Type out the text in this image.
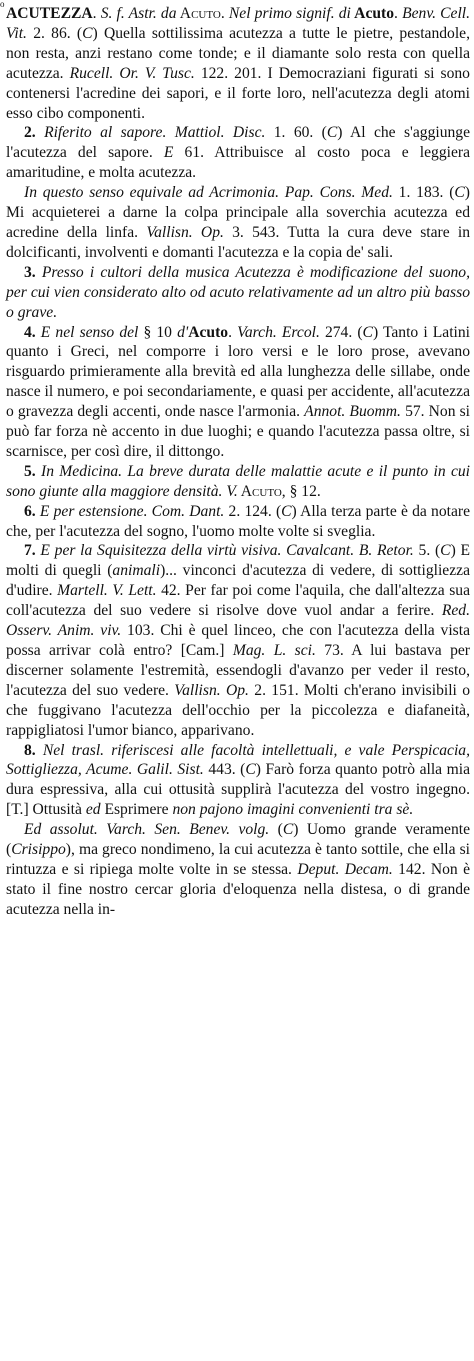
o

ACUTEZZA. S. f. Astr. da Acuto. Nel primo signif. di Acuto. Benv. Cell. Vit. 2. 86. (C) Quella sottilissima acutezza a tutte le pietre, pestandole, non resta, anzi restano come tonde; e il diamante solo resta con quella acutezza. Rucell. Or. V. Tusc. 122. 201. I Democraziani figurati si sono contenersi l'acredine dei sapori, e il forte loro, nell'acutezza degli atomi esso cibo componenti.

2. Riferito al sapore. Mattiol. Disc. 1. 60. (C) Al che s'aggiunge l'acutezza del sapore. E 61. Attribuisce al costo poca e leggiera amaritudine, e molta acutezza.

In questo senso equivale ad Acrimonia. Pap. Cons. Med. 1. 183. (C) Mi acquieterei a darne la colpa principale alla soverchia acutezza ed acredine della linfa. Vallisn. Op. 3. 543. Tutta la cura deve stare in dolcificanti, involventi e domanti l'acutezza e la copia de' sali.

3. Presso i cultori della musica Acutezza è modificazione del suono, per cui vien considerato alto od acuto relativamente ad un altro più basso o grave.

4. E nel senso del § 10 d'Acuto. Varch. Ercol. 274. (C) Tanto i Latini quanto i Greci, nel comporre i loro versi e le loro prose, avevano risguardo primieramente alla brevità ed alla lunghezza delle sillabe, onde nasce il numero, e poi secondariamente, e quasi per accidente, all'acutezza o gravezza degli accenti, onde nasce l'armonia. Annot. Buomm. 57. Non si può far forza nè accento in due luoghi; e quando l'acutezza passa oltre, si scarnisce, per così dire, il dittongo.

5. In Medicina. La breve durata delle malattie acute e il punto in cui sono giunte alla maggiore densità. V. Acuto, § 12.

6. E per estensione. Com. Dant. 2. 124. (C) Alla terza parte è da notare che, per l'acutezza del sogno, l'uomo molte volte si sveglia.

7. E per la Squisitezza della virtù visiva. Cavalcant. B. Retor. 5. (C) E molti di quegli (animali)... vinconci d'acutezza di vedere, di sottigliezza d'udire. Martell. V. Lett. 42. Per far poi come l'aquila, che dall'altezza sua coll'acutezza del suo vedere si risolve dove vuol andar a ferire. Red. Osserv. Anim. viv. 103. Chi è quel linceo, che con l'acutezza della vista possa arrivar colà entro? [Cam.] Mag. L. sci. 73. A lui bastava per discerner solamente l'estremità, essendogli d'avanzo per veder il resto, l'acutezza del suo vedere. Vallisn. Op. 2. 151. Molti ch'erano invisibili o che fuggivano l'acutezza dell'occhio per la piccolezza e diafaneità, rappigliatosi l'umor bianco, apparivano.

8. Nel trasl. riferiscesi alle facoltà intellettuali, e vale Perspicacia, Sottigliezza, Acume. Galil. Sist. 443. (C) Farò forza quanto potrò alla mia dura espressiva, alla cui ottusità supplirà l'acutezza del vostro ingegno. [T.] Ottusità ed Esprimere non pajono imagini convenienti tra sè.

Ed assolut. Varch. Sen. Benev. volg. (C) Uomo grande veramente (Crisippo), ma greco nondimeno, la cui acutezza è tanto sottile, che ella si rintuzza e si ripiega molte volte in se stessa. Deput. Decam. 142. Non è stato il fine nostro cercar gloria d'eloquenza nella distesa, o di grande acutezza nella in-
